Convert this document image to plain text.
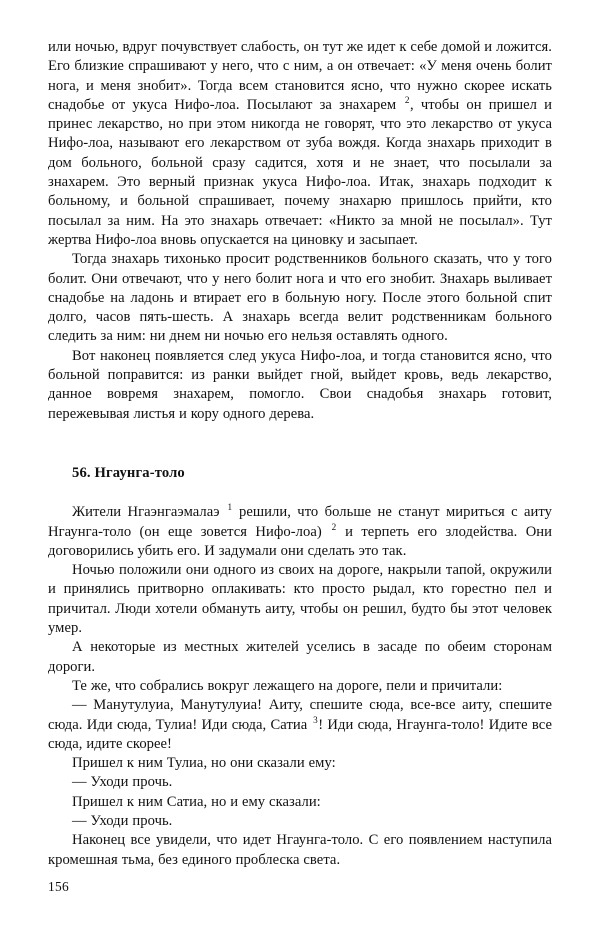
или ночью, вдруг почувствует слабость, он тут же идет к себе домой и ложится. Его близкие спрашивают у него, что с ним, а он отвечает: «У меня очень болит нога, и меня знобит». Тогда всем становится ясно, что нужно скорее искать снадобье от укуса Нифо-лоа. Посылают за знахарем $^2$, чтобы он пришел и принес лекарство, но при этом никогда не говорят, что это лекарство от укуса Нифо-лоа, называют его лекарством от зуба вождя. Когда знахарь приходит в дом больного, больной сразу садится, хотя и не знает, что посылали за знахарем. Это верный признак укуса Нифо-лоа. Итак, знахарь подходит к больному, и больной спрашивает, почему знахарю пришлось прийти, кто посылал за ним. На это знахарь отвечает: «Никто за мной не посылал». Тут жертва Нифо-лоа вновь опускается на циновку и засыпает.

Тогда знахарь тихонько просит родственников больного сказать, что у того болит. Они отвечают, что у него болит нога и что его знобит. Знахарь выливает снадобье на ладонь и втирает его в больную ногу. После этого больной спит долго, часов пять-шесть. А знахарь всегда велит родственникам больного следить за ним: ни днем ни ночью его нельзя оставлять одного.

Вот наконец появляется след укуса Нифо-лоа, и тогда становится ясно, что больной поправится: из ранки выйдет гной, выйдет кровь, ведь лекарство, данное вовремя знахарем, помогло. Свои снадобья знахарь готовит, пережевывая листья и кору одного дерева.

56. Нгаунга-толо

Жители Нгаэнгаэмалаэ $^1$ решили, что больше не станут мириться с аиту Нгаунга-толо (он еще зовется Нифо-лоа) $^2$ и терпеть его злодейства. Они договорились убить его. И задумали они сделать это так.

Ночью положили они одного из своих на дороге, накрыли тапой, окружили и принялись притворно оплакивать: кто просто рыдал, кто горестно пел и причитал. Люди хотели обмануть аиту, чтобы он решил, будто бы этот человек умер.

А некоторые из местных жителей уселись в засаде по обеим сторонам дороги.

Те же, что собрались вокруг лежащего на дороге, пели и причитали:

— Манутулуиа, Манутулуиа! Аиту, спешите сюда, все-все аиту, спешите сюда. Иди сюда, Тулиа! Иди сюда, Сатиа $^3$! Иди сюда, Нгаунга-толо! Идите все сюда, идите скорее!

Пришел к ним Тулиа, но они сказали ему:

— Уходи прочь.

Пришел к ним Сатиа, но и ему сказали:

— Уходи прочь.

Наконец все увидели, что идет Нгаунга-толо. С его появлением наступила кромешная тьма, без единого проблеска света.

156
